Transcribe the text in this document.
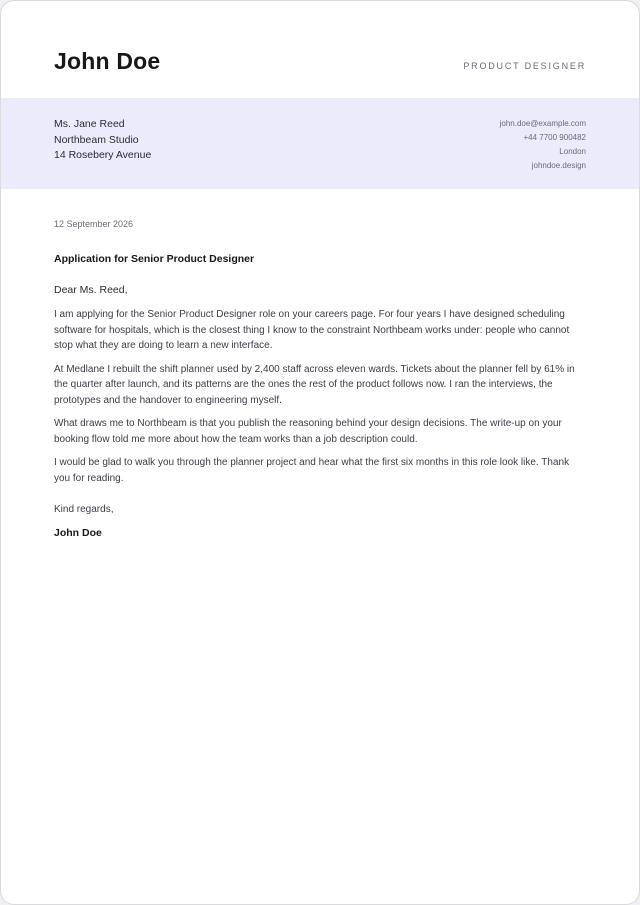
John Doe	PRODUCT DESIGNER
Ms. Jane Reed
Northbeam Studio
14 Rosebery Avenue
john.doe@example.com
+44 7700 900482
London
johndoe.design

12 September 2026

Application for Senior Product Designer

Dear Ms. Reed,

I am applying for the Senior Product Designer role on your careers page. For four years I have designed scheduling software for hospitals, which is the closest thing I know to the constraint Northbeam works under: people who cannot stop what they are doing to learn a new interface.

At Medlane I rebuilt the shift planner used by 2,400 staff across eleven wards. Tickets about the planner fell by 61% in the quarter after launch, and its patterns are the ones the rest of the product follows now. I ran the interviews, the prototypes and the handover to engineering myself.

What draws me to Northbeam is that you publish the reasoning behind your design decisions. The write-up on your booking flow told me more about how the team works than a job description could.

I would be glad to walk you through the planner project and hear what the first six months in this role look like. Thank you for reading.

Kind regards,

John Doe
